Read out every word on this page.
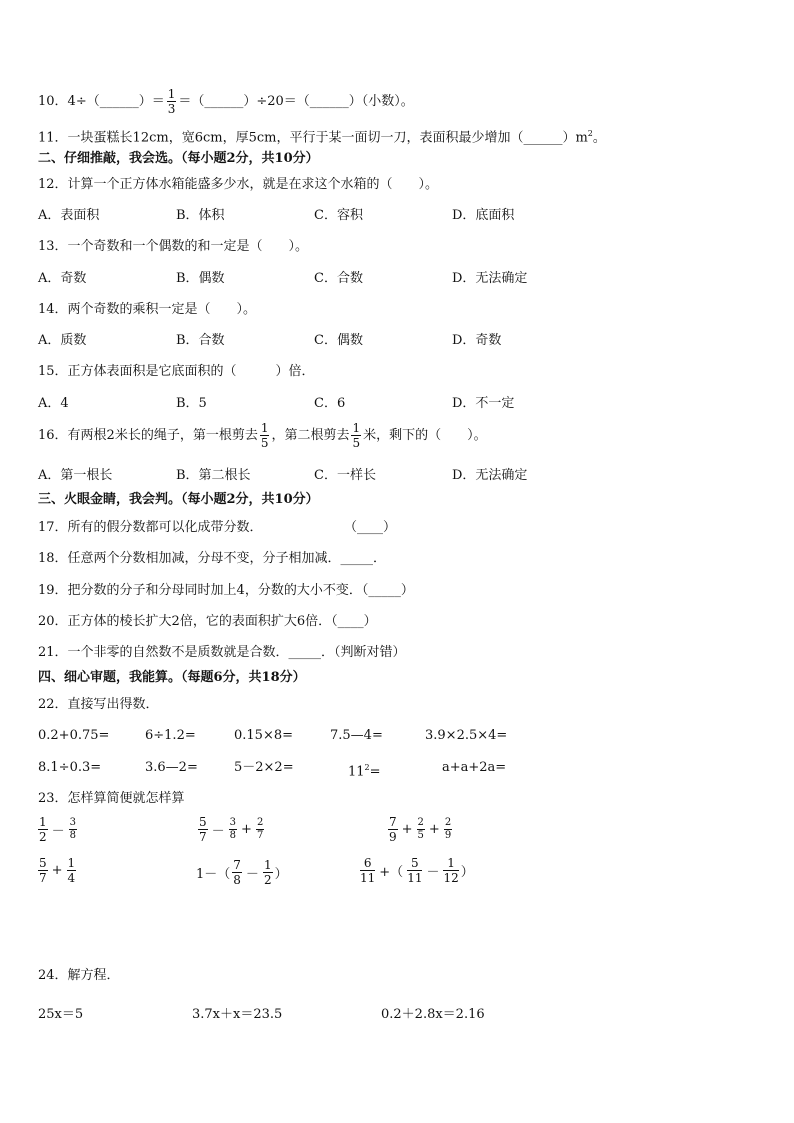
10．4÷（______）＝ $\frac{1}{3}$ ＝（______）÷20＝（______）（小数）。
11．一块蛋糕长12cm，宽6cm，厚5cm，平行于某一面切一刀，表面积最少增加$(\_\_\_\_\_\_)m^2$。
二、仔细推敲，我会选。（每小题2分，共10分）
12．计算一个正方体水箱能盛多少水，就是在求这个水箱的（　　）。
A．表面积	B．体积	C．容积	D．底面积
13．一个奇数和一个偶数的和一定是（　　）。
A．奇数	B．偶数	C．合数	D．无法确定
14．两个奇数的乘积一定是（　　）。
A．质数	B．合数	C．偶数	D．奇数
15．正方体表面积是它底面积的（　　　）倍．
A．4	B．5	C．6	D．不一定
16．有两根2米长的绳子，第一根剪去 $\frac{1}{5}$ ，第二根剪去 $\frac{1}{5}$ 米，剩下的（　　）。
A．第一根长	B．第二根长	C．一样长	D．无法确定
三、火眼金睛，我会判。（每小题2分，共10分）
17．所有的假分数都可以化成带分数．	（____）
18．任意两个分数相加减，分母不变，分子相加减．_____．
19．把分数的分子和分母同时加上4，分数的大小不变．（_____）
20．正方体的棱长扩大2倍，它的表面积扩大6倍．（____）
21．一个非零的自然数不是质数就是合数．_____．（判断对错）
四、细心审题，我能算。（每题6分，共18分）
22．直接写出得数．
0.2+0.75=	6÷1.2=	0.15×8=	7.5—4=	3.9×2.5×4=
8.1÷0.3=	3.6—2=	5－2×2=	$11^2=$	a+a+2a=
23．怎样算简便就怎样算
$\frac{1}{2} - \frac{3}{8}$	$\frac{5}{7} - \frac{3}{8} + \frac{2}{7}$	$\frac{7}{9} + \frac{2}{5} + \frac{2}{9}$
$\frac{5}{7} + \frac{1}{4}$	$1-( \frac{7}{8} - \frac{1}{2}$ ）	$\frac{6}{11}$ +（ $\frac{5}{11} - \frac{1}{12}$ ）
24．解方程．
25x＝5	3.7x＋x＝23.5	0.2＋2.8x＝2.16
